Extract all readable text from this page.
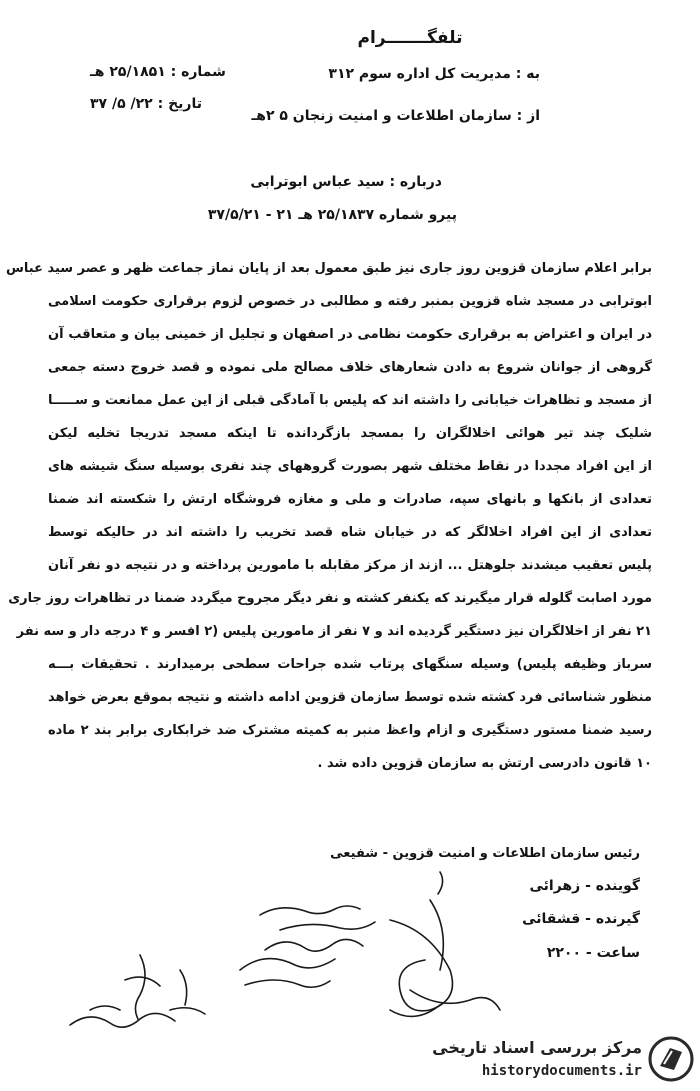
تلفگـــــــرام
به : مدیریت کل اداره سوم ۳۱۲
از : سازمان اطلاعات و امنیت زنجان ۵ ۲هـ
شماره : ۲۵/۱۸۵۱ هـ
تاریخ : ۲۲/ ۵/ ۳۷
درباره : سید عباس ابوترابی
پیرو شماره ۲۵/۱۸۳۷ هـ ۲۱ - ۳۷/۵/۲۱
برابر اعلام سازمان قزوین روز جاری نیز طبق معمول بعد از پایان نماز جماعت ظهر و عصر سید عباس
ابوترابی در مسجد شاه قزوین بمنبر رفته و مطالبی در خصوص لزوم برقراری حکومت اسلامی
در ایران و اعتراض به برقراری حکومت نظامی در اصفهان و تجلیل از خمینی بیان و متعاقب آن
گروهی از جوانان شروع به دادن شعارهای خلاف مصالح ملی نموده و قصد خروج دسته جمعی
از مسجد و تظاهرات خیابانی را داشته اند که پلیس با آمادگی قبلی از این عمل ممانعت و ســـــا
شلیک چند تیر هوائی اخلالگران را بمسجد بازگردانده تا اینکه مسجد تدریجا تخلیه لیکن
از این افراد مجددا در نقاط مختلف شهر بصورت گروههای چند نفری بوسیله سنگ شیشه های
تعدادی از بانکها و بانهای سپه، صادرات و ملی و مغازه فروشگاه ارتش را شکسته اند ضمنا
تعدادی از این افراد اخلالگر که در خیابان شاه قصد تخریب را داشته اند در حالیکه توسط
پلیس تعقیب میشدند جلوهتل ... ازند از مرکز مقابله با مامورین پرداخته و در نتیجه دو نفر آنان
مورد اصابت گلوله قرار میگیرند که یکنفر کشته و نفر دیگر مجروح میگردد ضمنا در تظاهرات روز جاری
۲۱ نفر از اخلالگران نیز دستگیر گردیده اند و ۷ نفر از مامورین پلیس (۲ افسر و ۴ درجه دار و سه نفر
سرباز وظیفه پلیس) وسیله سنگهای پرتاب شده جراحات سطحی برمیدارند . تحقیقات بـــه
منظور شناسائی فرد کشته شده توسط سازمان قزوین ادامه داشته و نتیجه بموقع بعرض خواهد
رسید ضمنا مستور دستگیری و ازام واعظ منبر به کمیته مشترک ضد خرابکاری برابر بند ۲ ماده
۱۰ قانون دادرسی ارتش به سازمان قزوین داده شد .
رئیس سازمان اطلاعات و امنیت قزوین - شفیعی
گوینده - زهرائی
گیرنده - قشقائی
ساعت - ۲۲۰۰
مرکز بررسی اسناد تاریخی
historydocuments.ir
